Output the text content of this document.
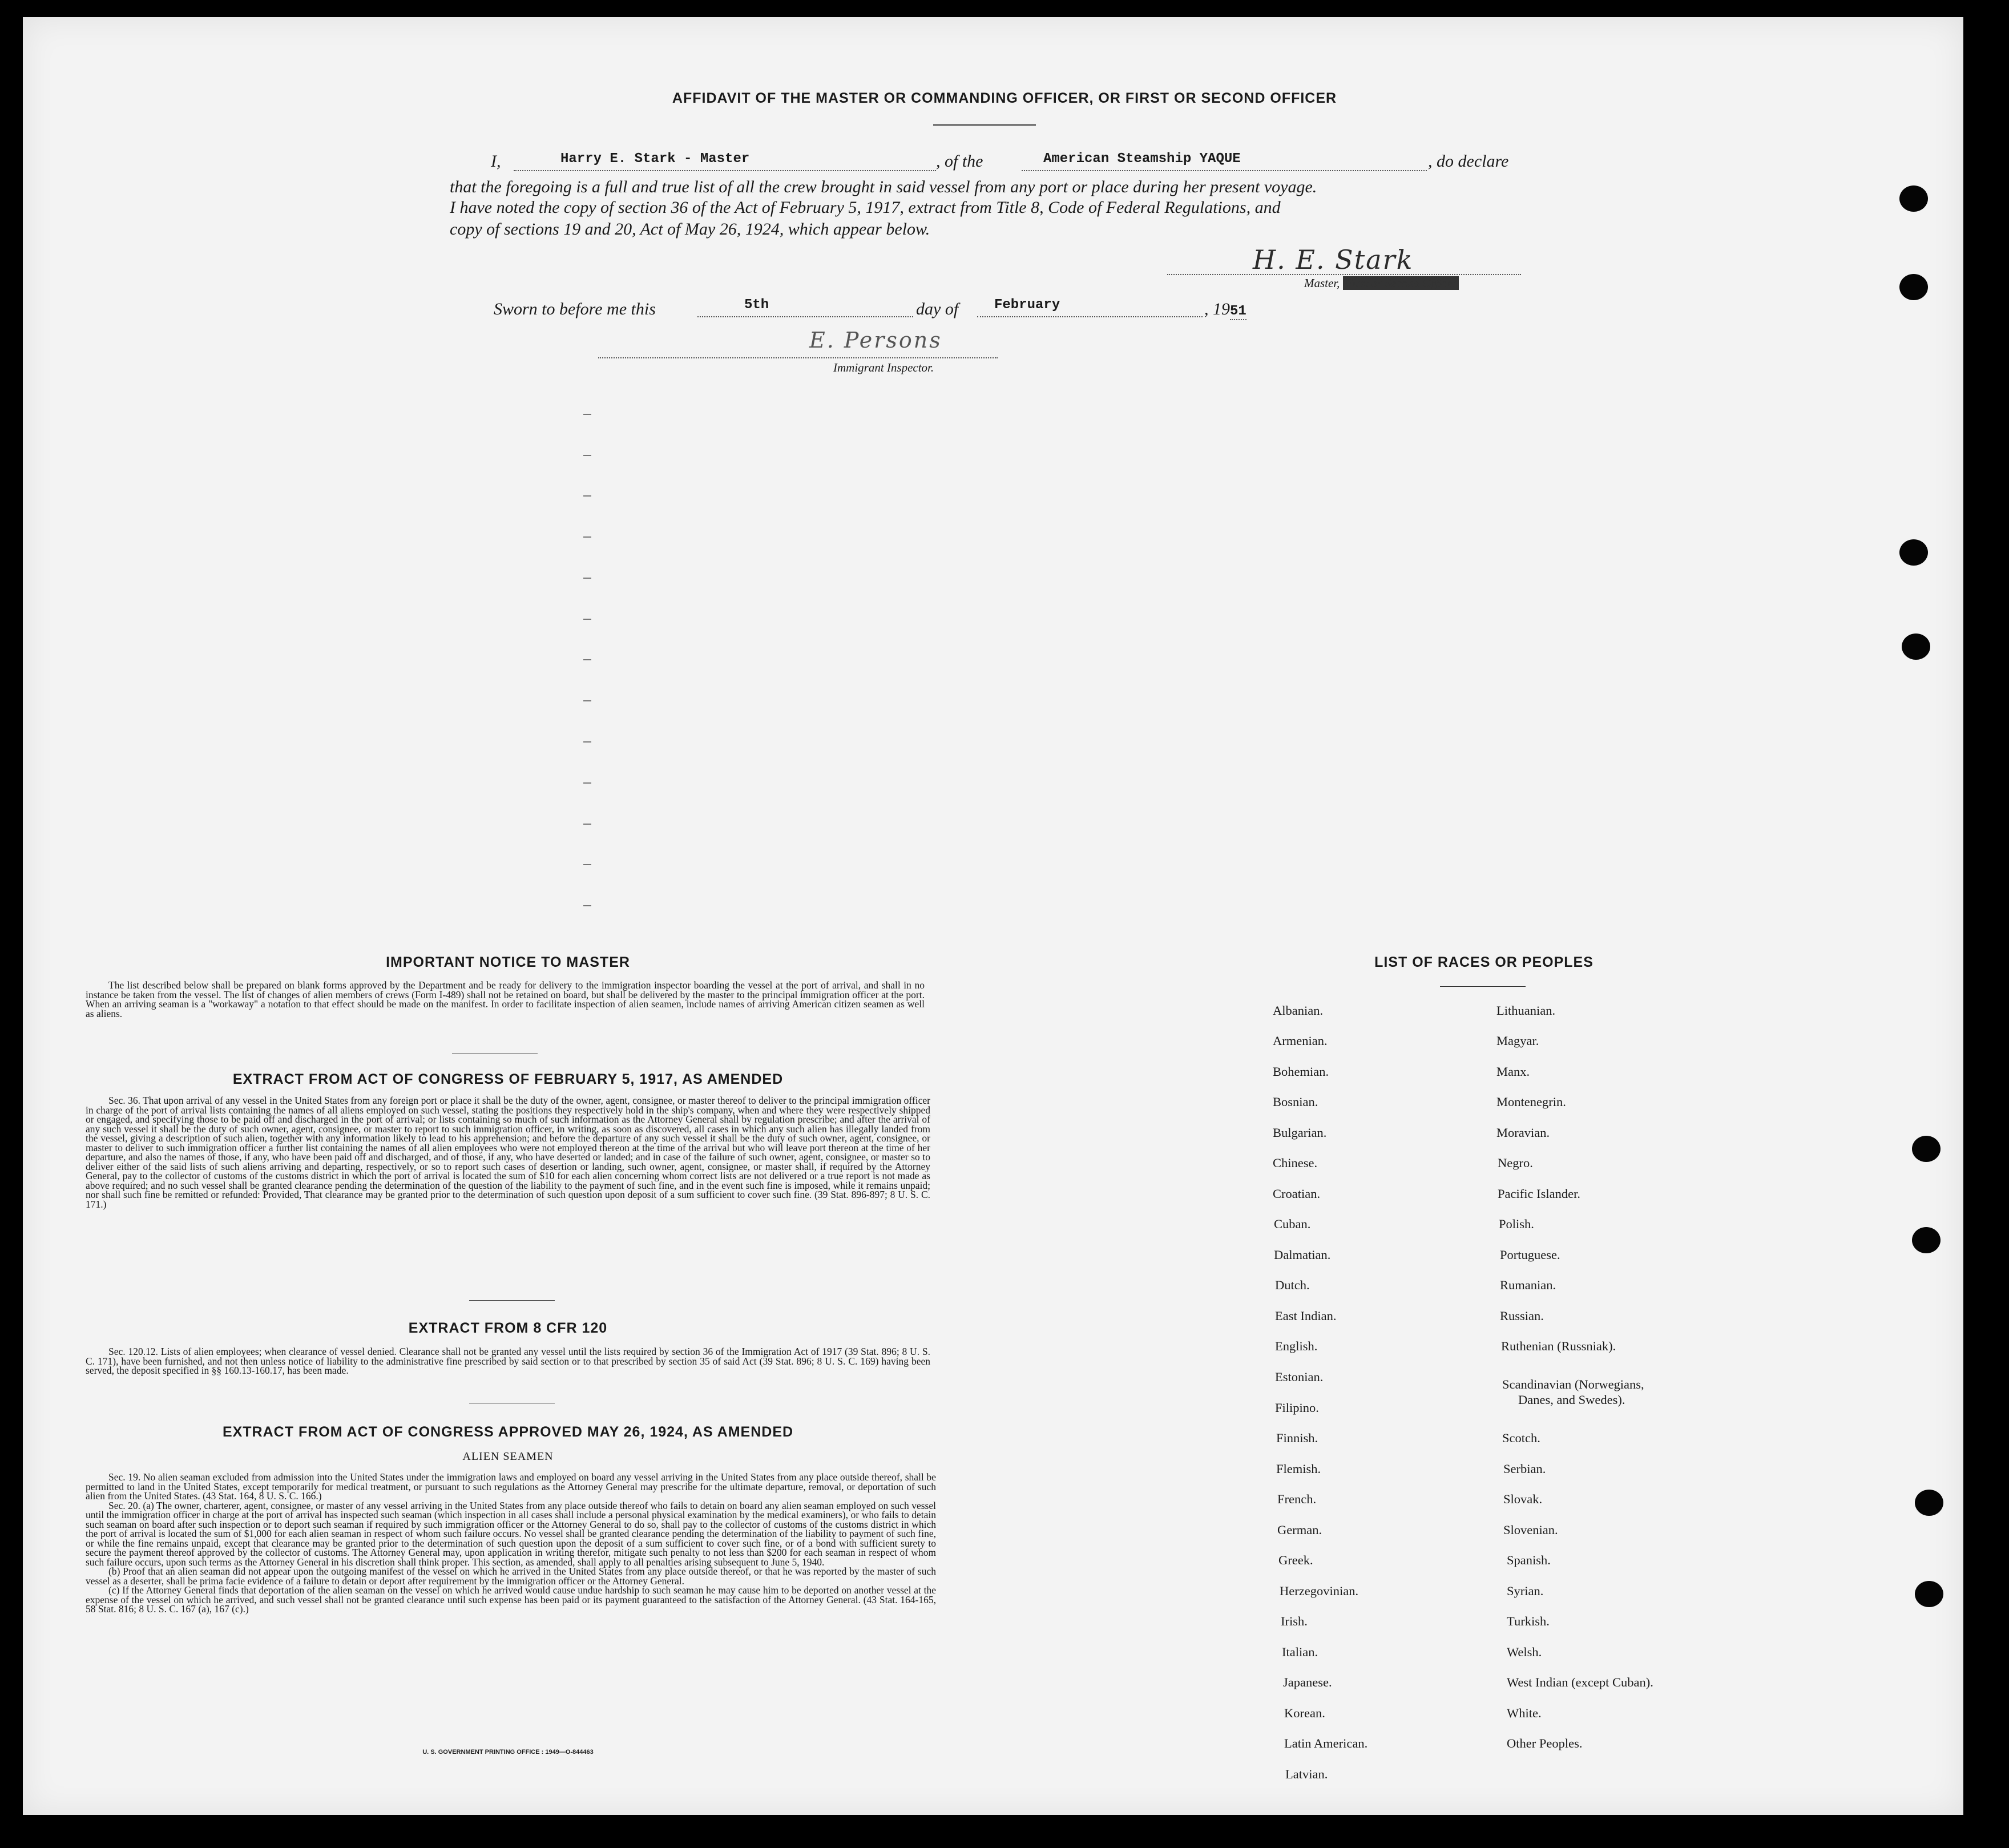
AFFIDAVIT OF THE MASTER OR COMMANDING OFFICER, OR FIRST OR SECOND OFFICER
I,	Harry E. Stark - Master	, of the	American Steamship YAQUE	, do declare
that the foregoing is a full and true list of all the crew brought in said vessel from any port or place during her present voyage.
I have noted the copy of section 36 of the Act of February 5, 1917, extract from Title 8, Code of Federal Regulations, and
copy of sections 19 and 20, Act of May 26, 1924, which appear below.
H. E. Stark
Master, First or Second Officer
Sworn to before me this	5th	day of	February	, 1951
E. Persons
Immigrant Inspector.
IMPORTANT NOTICE TO MASTER
The list described below shall be prepared on blank forms approved by the Department and be ready for delivery to the immigration inspector boarding the vessel at the port of arrival, and shall in no instance be taken from the vessel. The list of changes of alien members of crews (Form I-489) shall not be retained on board, but shall be delivered by the master to the principal immigration officer at the port. When an arriving seaman is a "workaway" a notation to that effect should be made on the manifest. In order to facilitate inspection of alien seamen, include names of arriving American citizen seamen as well as aliens.
EXTRACT FROM ACT OF CONGRESS OF FEBRUARY 5, 1917, AS AMENDED
Sec. 36. That upon arrival of any vessel in the United States from any foreign port or place it shall be the duty of the owner, agent, consignee, or master thereof to deliver to the principal immigration officer in charge of the port of arrival lists containing the names of all aliens employed on such vessel, stating the positions they respectively hold in the ship's company, when and where they were respectively shipped or engaged, and specifying those to be paid off and discharged in the port of arrival; or lists containing so much of such information as the Attorney General shall by regulation prescribe; and after the arrival of any such vessel it shall be the duty of such owner, agent, consignee, or master to report to such immigration officer, in writing, as soon as discovered, all cases in which any such alien has illegally landed from the vessel, giving a description of such alien, together with any information likely to lead to his apprehension; and before the departure of any such vessel it shall be the duty of such owner, agent, consignee, or master to deliver to such immigration officer a further list containing the names of all alien employees who were not employed thereon at the time of the arrival but who will leave port thereon at the time of her departure, and also the names of those, if any, who have been paid off and discharged, and of those, if any, who have deserted or landed; and in case of the failure of such owner, agent, consignee, or master so to deliver either of the said lists of such aliens arriving and departing, respectively, or so to report such cases of desertion or landing, such owner, agent, consignee, or master shall, if required by the Attorney General, pay to the collector of customs of the customs district in which the port of arrival is located the sum of $10 for each alien concerning whom correct lists are not delivered or a true report is not made as above required; and no such vessel shall be granted clearance pending the determination of the question of the liability to the payment of such fine, and in the event such fine is imposed, while it remains unpaid; nor shall such fine be remitted or refunded: Provided, That clearance may be granted prior to the determination of such question upon deposit of a sum sufficient to cover such fine. (39 Stat. 896-897; 8 U. S. C. 171.)
EXTRACT FROM 8 CFR 120
Sec. 120.12. Lists of alien employees; when clearance of vessel denied. Clearance shall not be granted any vessel until the lists required by section 36 of the Immigration Act of 1917 (39 Stat. 896; 8 U. S. C. 171), have been furnished, and not then unless notice of liability to the administrative fine prescribed by said section or to that prescribed by section 35 of said Act (39 Stat. 896; 8 U. S. C. 169) having been served, the deposit specified in §§ 160.13-160.17, has been made.
EXTRACT FROM ACT OF CONGRESS APPROVED MAY 26, 1924, AS AMENDED
ALIEN SEAMEN

Sec. 19. No alien seaman excluded from admission into the United States under the immigration laws and employed on board any vessel arriving in the United States from any place outside thereof, shall be permitted to land in the United States, except temporarily for medical treatment, or pursuant to such regulations as the Attorney General may prescribe for the ultimate departure, removal, or deportation of such alien from the United States. (43 Stat. 164, 8 U. S. C. 166.)

Sec. 20. (a) The owner, charterer, agent, consignee, or master of any vessel arriving in the United States from any place outside thereof who fails to detain on board any alien seaman employed on such vessel until the immigration officer in charge at the port of arrival has inspected such seaman (which inspection in all cases shall include a personal physical examination by the medical examiners), or who fails to detain such seaman on board after such inspection or to deport such seaman if required by such immigration officer or the Attorney General to do so, shall pay to the collector of customs of the customs district in which the port of arrival is located the sum of $1,000 for each alien seaman in respect of whom such failure occurs. No vessel shall be granted clearance pending the determination of the liability to payment of such fine, or while the fine remains unpaid, except that clearance may be granted prior to the determination of such question upon the deposit of a sum sufficient to cover such fine, or of a bond with sufficient surety to secure the payment thereof approved by the collector of customs. The Attorney General may, upon application in writing therefor, mitigate such penalty to not less than $200 for each seaman in respect of whom such failure occurs, upon such terms as the Attorney General in his discretion shall think proper. This section, as amended, shall apply to all penalties arising subsequent to June 5, 1940.

(b) Proof that an alien seaman did not appear upon the outgoing manifest of the vessel on which he arrived in the United States from any place outside thereof, or that he was reported by the master of such vessel as a deserter, shall be prima facie evidence of a failure to detain or deport after requirement by the immigration officer or the Attorney General.

(c) If the Attorney General finds that deportation of the alien seaman on the vessel on which he arrived would cause undue hardship to such seaman he may cause him to be deported on another vessel at the expense of the vessel on which he arrived, and such vessel shall not be granted clearance until such expense has been paid or its payment guaranteed to the satisfaction of the Attorney General. (43 Stat. 164-165, 58 Stat. 816; 8 U. S. C. 167 (a), 167 (c).)

U. S. GOVERNMENT PRINTING OFFICE : 1949—O-844463
LIST OF RACES OR PEOPLES
Albanian.
Armenian.
Bohemian.
Bosnian.
Bulgarian.
Chinese.
Croatian.
Cuban.
Dalmatian.
Dutch.
East Indian.
English.
Estonian.
Filipino.
Finnish.
Flemish.
French.
German.
Greek.
Herzegovinian.
Irish.
Italian.
Japanese.
Korean.
Latin American.
Latvian.
Lithuanian.
Magyar.
Manx.
Montenegrin.
Moravian.
Negro.
Pacific Islander.
Polish.
Portuguese.
Rumanian.
Russian.
Ruthenian (Russniak).
Scandinavian (Norwegians,
Danes, and Swedes).
Scotch.
Serbian.
Slovak.
Slovenian.
Spanish.
Syrian.
Turkish.
Welsh.
West Indian (except Cuban).
White.
Other Peoples.
